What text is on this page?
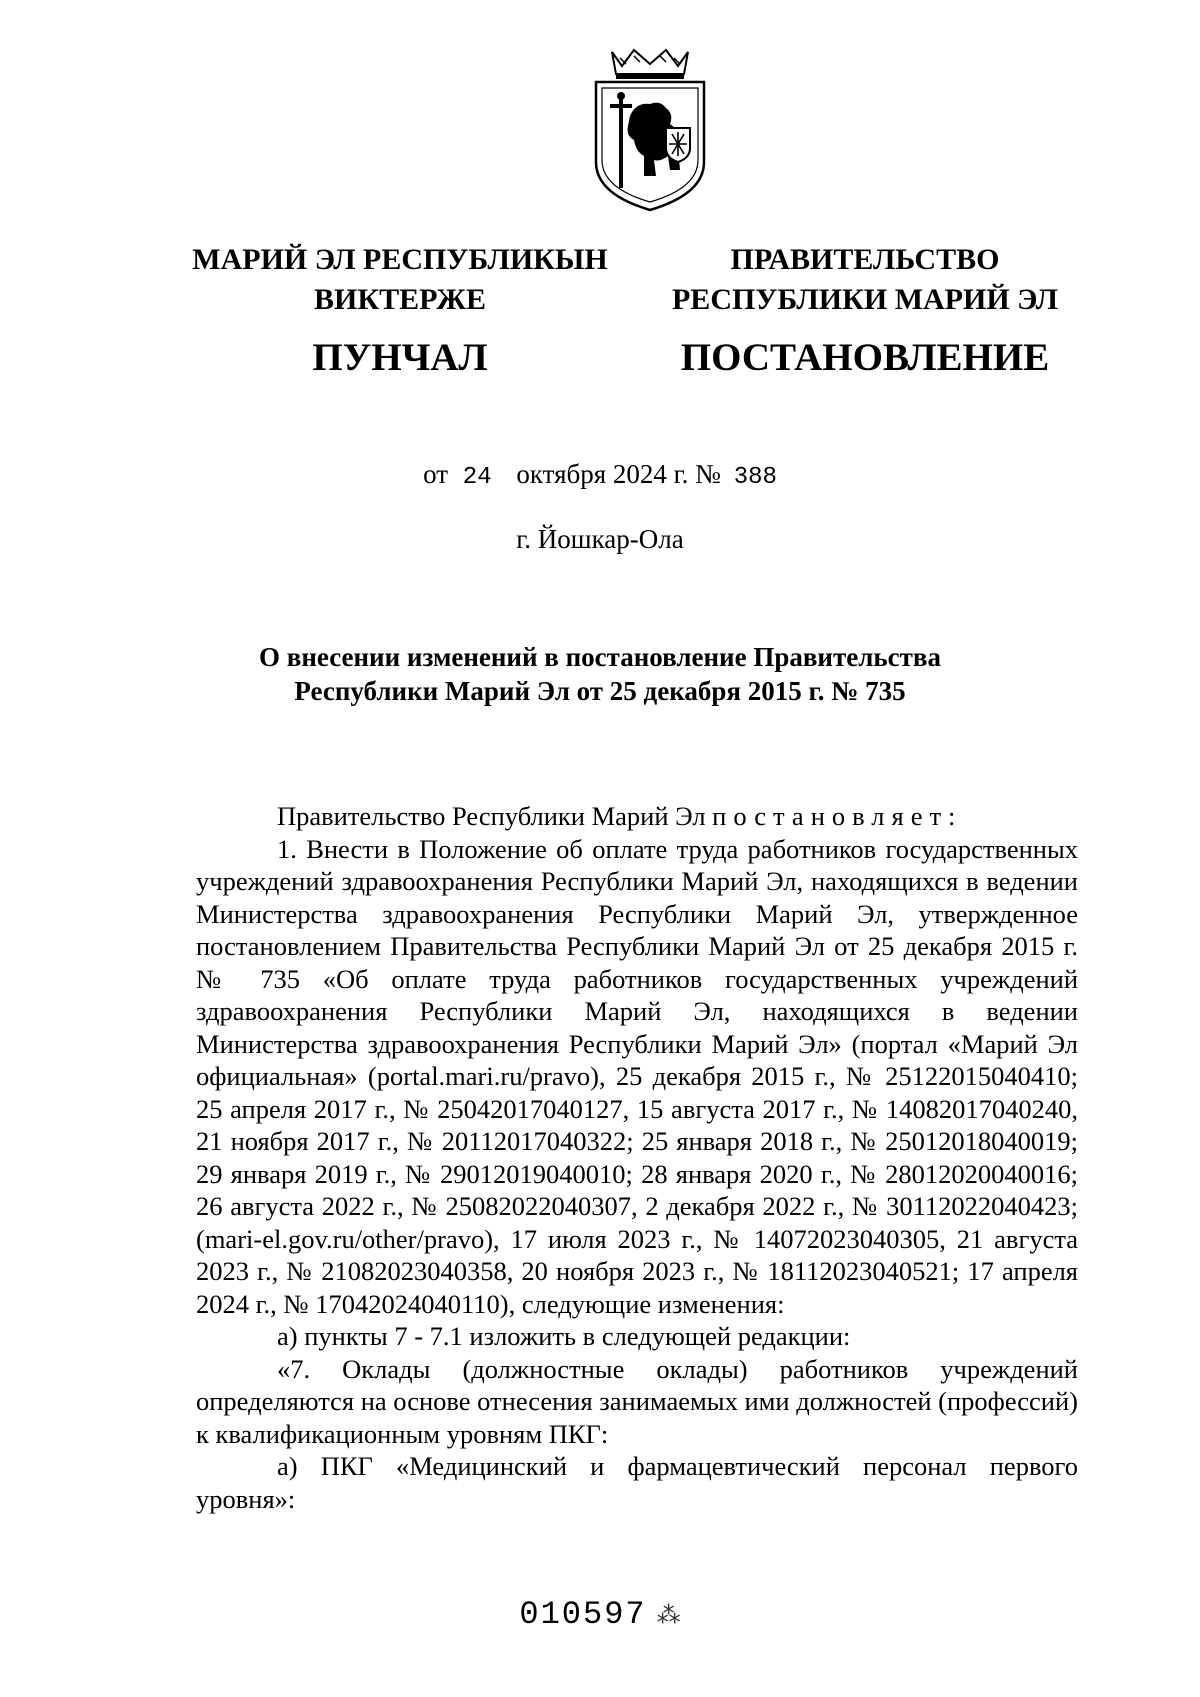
МАРИЙ ЭЛ РЕСПУБЛИКЫН
ВИКТЕРЖЕ
ПУНЧАЛ
ПРАВИТЕЛЬСТВО
РЕСПУБЛИКИ МАРИЙ ЭЛ
ПОСТАНОВЛЕНИЕ
от 24 октября 2024 г. № 388
г. Йошкар-Ола
О внесении изменений в постановление Правительства
Республики Марий Эл от 25 декабря 2015 г. № 735

Правительство Республики Марий Эл постановляет:

1. Внести в Положение об оплате труда работников государственных учреждений здравоохранения Республики Марий Эл, находящихся в ведении Министерства здравоохранения Республики Марий Эл, утвержденное постановлением Правительства Республики Марий Эл от 25 декабря 2015 г. № 735 «Об оплате труда работников государственных учреждений здравоохранения Республики Марий Эл, находящихся в ведении Министерства здравоохранения Республики Марий Эл» (портал «Марий Эл официальная» (portal.mari.ru/pravo), 25 декабря 2015 г., № 25122015040410; 25 апреля 2017 г., № 25042017040127, 15 августа 2017 г., № 14082017040240, 21 ноября 2017 г., № 20112017040322; 25 января 2018 г., № 25012018040019; 29 января 2019 г., № 29012019040010; 28 января 2020 г., № 28012020040016; 26 августа 2022 г., № 25082022040307, 2 декабря 2022 г., № 30112022040423; (mari-el.gov.ru/other/pravo), 17 июля 2023 г., № 14072023040305, 21 августа 2023 г., № 21082023040358, 20 ноября 2023 г., № 18112023040521; 17 апреля 2024 г., № 17042024040110), следующие изменения:

а) пункты 7 - 7.1 изложить в следующей редакции:

«7. Оклады (должностные оклады) работников учреждений определяются на основе отнесения занимаемых ими должностей (профессий) к квалификационным уровням ПКГ:

а) ПКГ «Медицинский и фармацевтический персонал первого уровня»:

010597 ⁂
